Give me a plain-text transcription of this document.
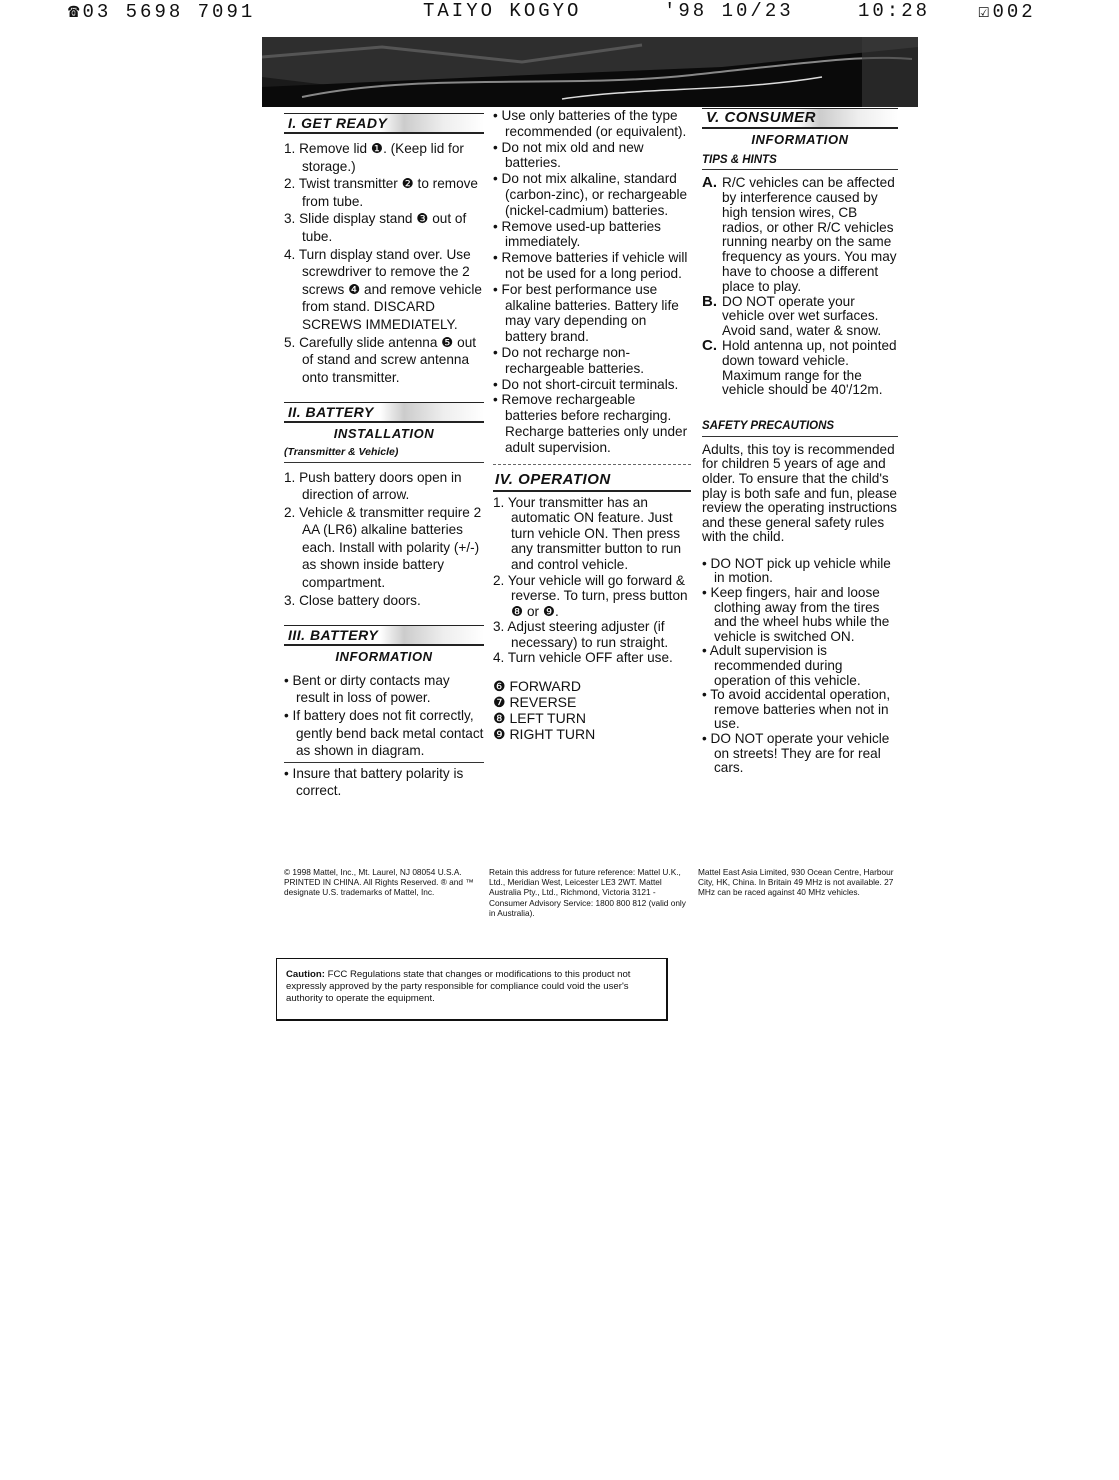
☎03 5698 7091	TAIYO KOGYO	'98 10/23	10:28	☑002
I. GET READY
1. Remove lid ❶. (Keep lid for storage.)
2. Twist transmitter ❷ to remove from tube.
3. Slide display stand ❸ out of tube.
4. Turn display stand over. Use screwdriver to remove the 2 screws ❹ and remove vehicle from stand. DISCARD SCREWS IMMEDIATELY.
5. Carefully slide antenna ❺ out of stand and screw antenna onto transmitter.
II. BATTERY
INSTALLATION
(Transmitter & Vehicle)
1. Push battery doors open in direction of arrow.
2. Vehicle & transmitter require 2 AA (LR6) alkaline batteries each. Install with polarity (+/-) as shown inside battery compartment.
3. Close battery doors.
III. BATTERY
INFORMATION
• Bent or dirty contacts may result in loss of power.
• If battery does not fit correctly, gently bend back metal contact as shown in diagram.
• Insure that battery polarity is correct.
• Use only batteries of the type recommended (or equivalent).
• Do not mix old and new batteries.
• Do not mix alkaline, standard (carbon-zinc), or rechargeable (nickel-cadmium) batteries.
• Remove used-up batteries immediately.
• Remove batteries if vehicle will not be used for a long period.
• For best performance use alkaline batteries. Battery life may vary depending on battery brand.
• Do not recharge non-rechargeable batteries.
• Do not short-circuit terminals.
• Remove rechargeable batteries before recharging. Recharge batteries only under adult supervision.
IV. OPERATION
1. Your transmitter has an automatic ON feature. Just turn vehicle ON. Then press any transmitter button to run and control vehicle.
2. Your vehicle will go forward & reverse. To turn, press button ❽ or ❾.
3. Adjust steering adjuster (if necessary) to run straight.
4. Turn vehicle OFF after use.
❻ FORWARD
❼ REVERSE
❽ LEFT TURN
❾ RIGHT TURN
V. CONSUMER
INFORMATION
TIPS & HINTS
A. R/C vehicles can be affected by interference caused by high tension wires, CB radios, or other R/C vehicles running nearby on the same frequency as yours. You may have to choose a different place to play.
B. DO NOT operate your vehicle over wet surfaces. Avoid sand, water & snow.
C. Hold antenna up, not pointed down toward vehicle. Maximum range for the vehicle should be 40'/12m.
SAFETY PRECAUTIONS
Adults, this toy is recommended for children 5 years of age and older. To ensure that the child's play is both safe and fun, please review the operating instructions and these general safety rules with the child.
• DO NOT pick up vehicle while in motion.
• Keep fingers, hair and loose clothing away from the tires and the wheel hubs while the vehicle is switched ON.
• Adult supervision is recommended during operation of this vehicle.
• To avoid accidental operation, remove batteries when not in use.
• DO NOT operate your vehicle on streets! They are for real cars.
© 1998 Mattel, Inc., Mt. Laurel, NJ 08054 U.S.A. PRINTED IN CHINA. All Rights Reserved. ® and ™ designate U.S. trademarks of Mattel, Inc.
Retain this address for future reference: Mattel U.K., Ltd., Meridian West, Leicester LE3 2WT. Mattel Australia Pty., Ltd., Richmond, Victoria 3121 - Consumer Advisory Service: 1800 800 812 (valid only in Australia).
Mattel East Asia Limited, 930 Ocean Centre, Harbour City, HK, China. In Britain 49 MHz is not available. 27 MHz can be raced against 40 MHz vehicles.
Caution: FCC Regulations state that changes or modifications to this product not expressly approved by the party responsible for compliance could void the user's authority to operate the equipment.
